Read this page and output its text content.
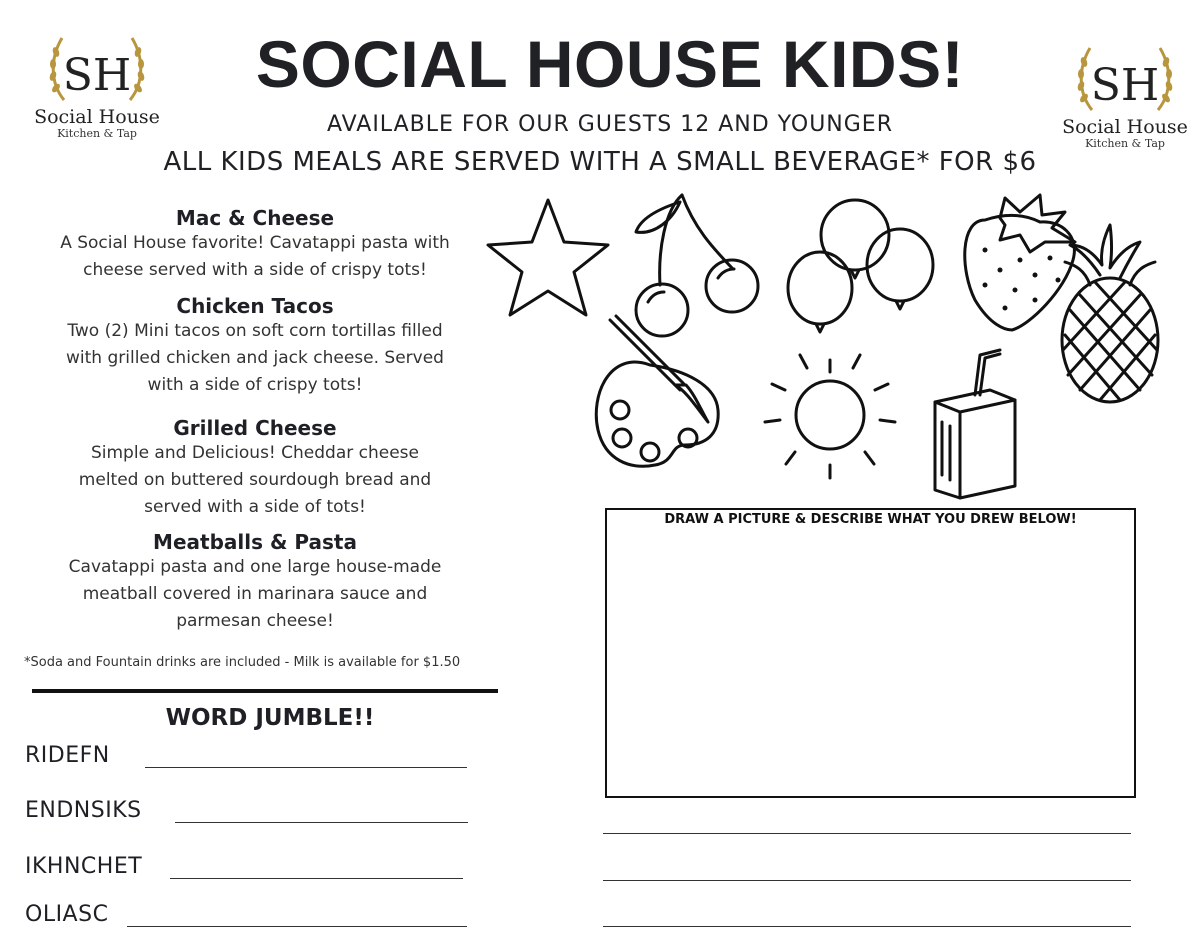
SH
Social House
Kitchen & Tap
SH
Social House
Kitchen & Tap
SOCIAL HOUSE KIDS!
AVAILABLE FOR OUR GUESTS 12 AND YOUNGER
ALL KIDS MEALS ARE SERVED WITH A SMALL BEVERAGE* FOR $6
Mac & Cheese
A Social House favorite! Cavatappi pasta with
cheese served with a side of crispy tots!
Chicken Tacos
Two (2) Mini tacos on soft corn tortillas filled
with grilled chicken and jack cheese. Served
with a side of crispy tots!
Grilled Cheese
Simple and Delicious! Cheddar cheese
melted on buttered sourdough bread and
served with a side of tots!
Meatballs & Pasta
Cavatappi pasta and one large house-made
meatball covered in marinara sauce and
parmesan cheese!
*Soda and Fountain drinks are included - Milk is available for $1.50
WORD JUMBLE!!
RIDEFN
ENDNSIKS
IKHNCHET
OLIASC
DRAW A PICTURE & DESCRIBE WHAT YOU DREW BELOW!
